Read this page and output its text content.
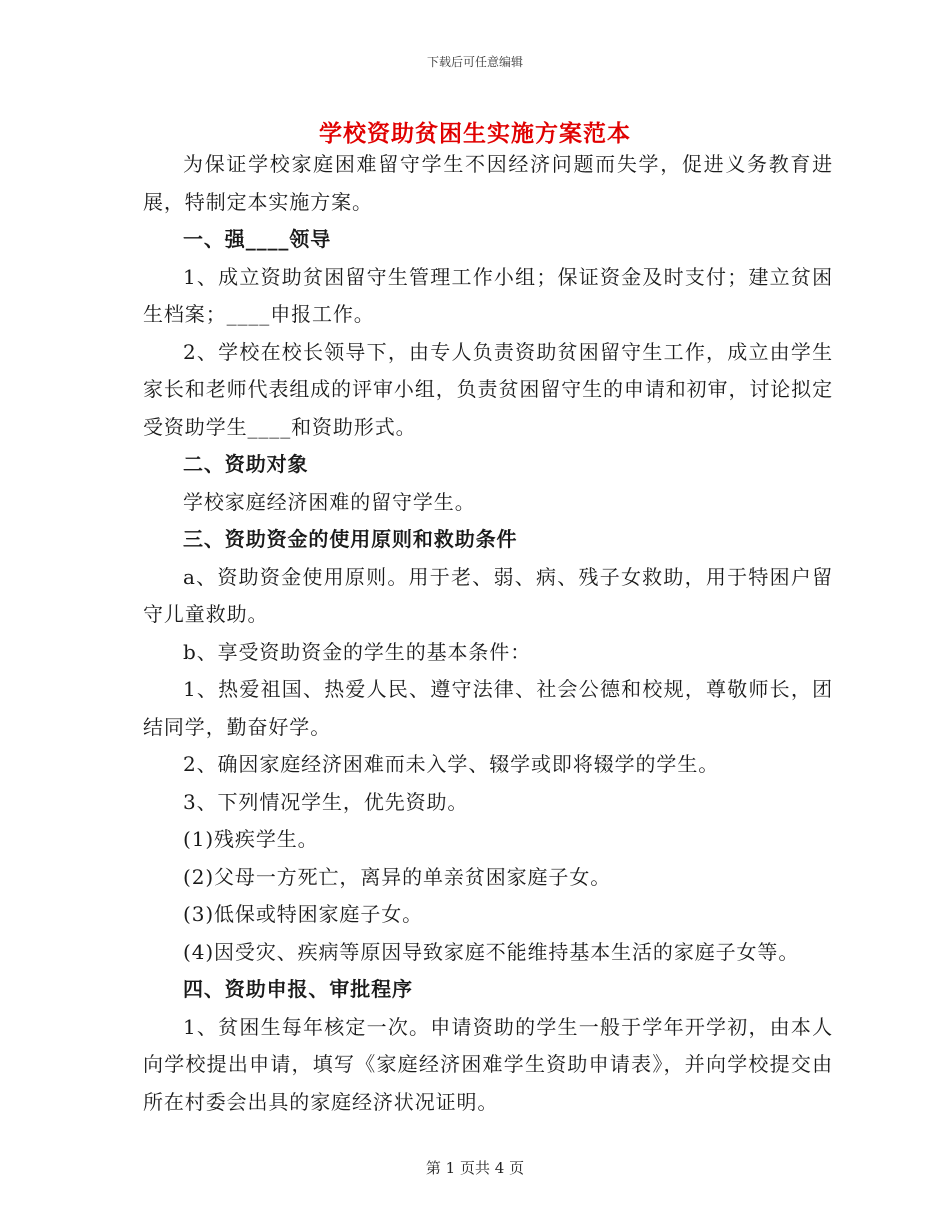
下载后可任意编辑
学校资助贫困生实施方案范本

为保证学校家庭困难留守学生不因经济问题而失学，促进义务教育进展，特制定本实施方案。

一、强____领导

1、成立资助贫困留守生管理工作小组；保证资金及时支付；建立贫困生档案；____申报工作。

2、学校在校长领导下，由专人负责资助贫困留守生工作，成立由学生家长和老师代表组成的评审小组，负责贫困留守生的申请和初审，讨论拟定受资助学生____和资助形式。

二、资助对象

学校家庭经济困难的留守学生。

三、资助资金的使用原则和救助条件

a、资助资金使用原则。用于老、弱、病、残子女救助，用于特困户留守儿童救助。

b、享受资助资金的学生的基本条件：

1、热爱祖国、热爱人民、遵守法律、社会公德和校规，尊敬师长，团结同学，勤奋好学。

2、确因家庭经济困难而未入学、辍学或即将辍学的学生。

3、下列情况学生，优先资助。

(1)残疾学生。

(2)父母一方死亡，离异的单亲贫困家庭子女。

(3)低保或特困家庭子女。

(4)因受灾、疾病等原因导致家庭不能维持基本生活的家庭子女等。

四、资助申报、审批程序

1、贫困生每年核定一次。申请资助的学生一般于学年开学初，由本人向学校提出申请，填写《家庭经济困难学生资助申请表》，并向学校提交由所在村委会出具的家庭经济状况证明。

第 1 页共 4 页
